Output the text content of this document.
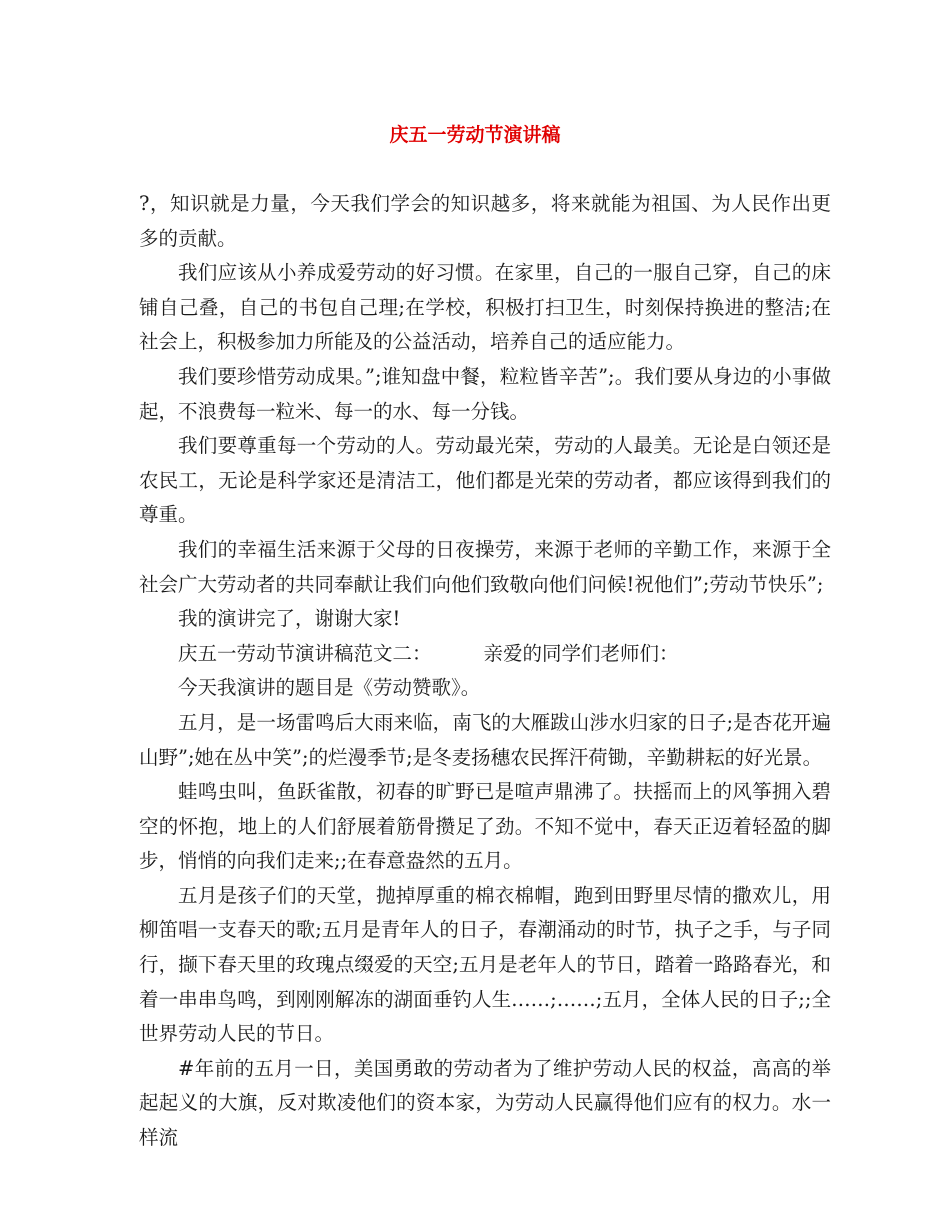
庆五一劳动节演讲稿

?，知识就是力量，今天我们学会的知识越多，将来就能为祖国、为人民作出更多的贡献。

我们应该从小养成爱劳动的好习惯。在家里，自己的一服自己穿，自己的床铺自己叠，自己的书包自己理;在学校，积极打扫卫生，时刻保持换进的整洁;在社会上，积极参加力所能及的公益活动，培养自己的适应能力。

我们要珍惜劳动成果。”;谁知盘中餐，粒粒皆辛苦”;。我们要从身边的小事做起，不浪费每一粒米、每一的水、每一分钱。

我们要尊重每一个劳动的人。劳动最光荣，劳动的人最美。无论是白领还是农民工，无论是科学家还是清洁工，他们都是光荣的劳动者，都应该得到我们的尊重。

我们的幸福生活来源于父母的日夜操劳，来源于老师的辛勤工作，来源于全社会广大劳动者的共同奉献让我们向他们致敬向他们问候!祝他们”;劳动节快乐”;

我的演讲完了，谢谢大家!

庆五一劳动节演讲稿范文二：	亲爱的同学们老师们：

今天我演讲的题目是《劳动赞歌》。

五月，是一场雷鸣后大雨来临，南飞的大雁跋山涉水归家的日子;是杏花开遍山野”;她在丛中笑”;的烂漫季节;是冬麦扬穗农民挥汗荷锄，辛勤耕耘的好光景。

蛙鸣虫叫，鱼跃雀散，初春的旷野已是喧声鼎沸了。扶摇而上的风筝拥入碧空的怀抱，地上的人们舒展着筋骨攒足了劲。不知不觉中，春天正迈着轻盈的脚步，悄悄的向我们走来;;在春意盎然的五月。

五月是孩子们的天堂，抛掉厚重的棉衣棉帽，跑到田野里尽情的撒欢儿，用柳笛唱一支春天的歌;五月是青年人的日子，春潮涌动的时节，执子之手，与子同行，撷下春天里的玫瑰点缀爱的天空;五月是老年人的节日，踏着一路路春光，和着一串串鸟鸣，到刚刚解冻的湖面垂钓人生……;……;五月，全体人民的日子;;全世界劳动人民的节日。

#年前的五月一日，美国勇敢的劳动者为了维护劳动人民的权益，高高的举起起义的大旗，反对欺凌他们的资本家，为劳动人民赢得他们应有的权力。水一样流
